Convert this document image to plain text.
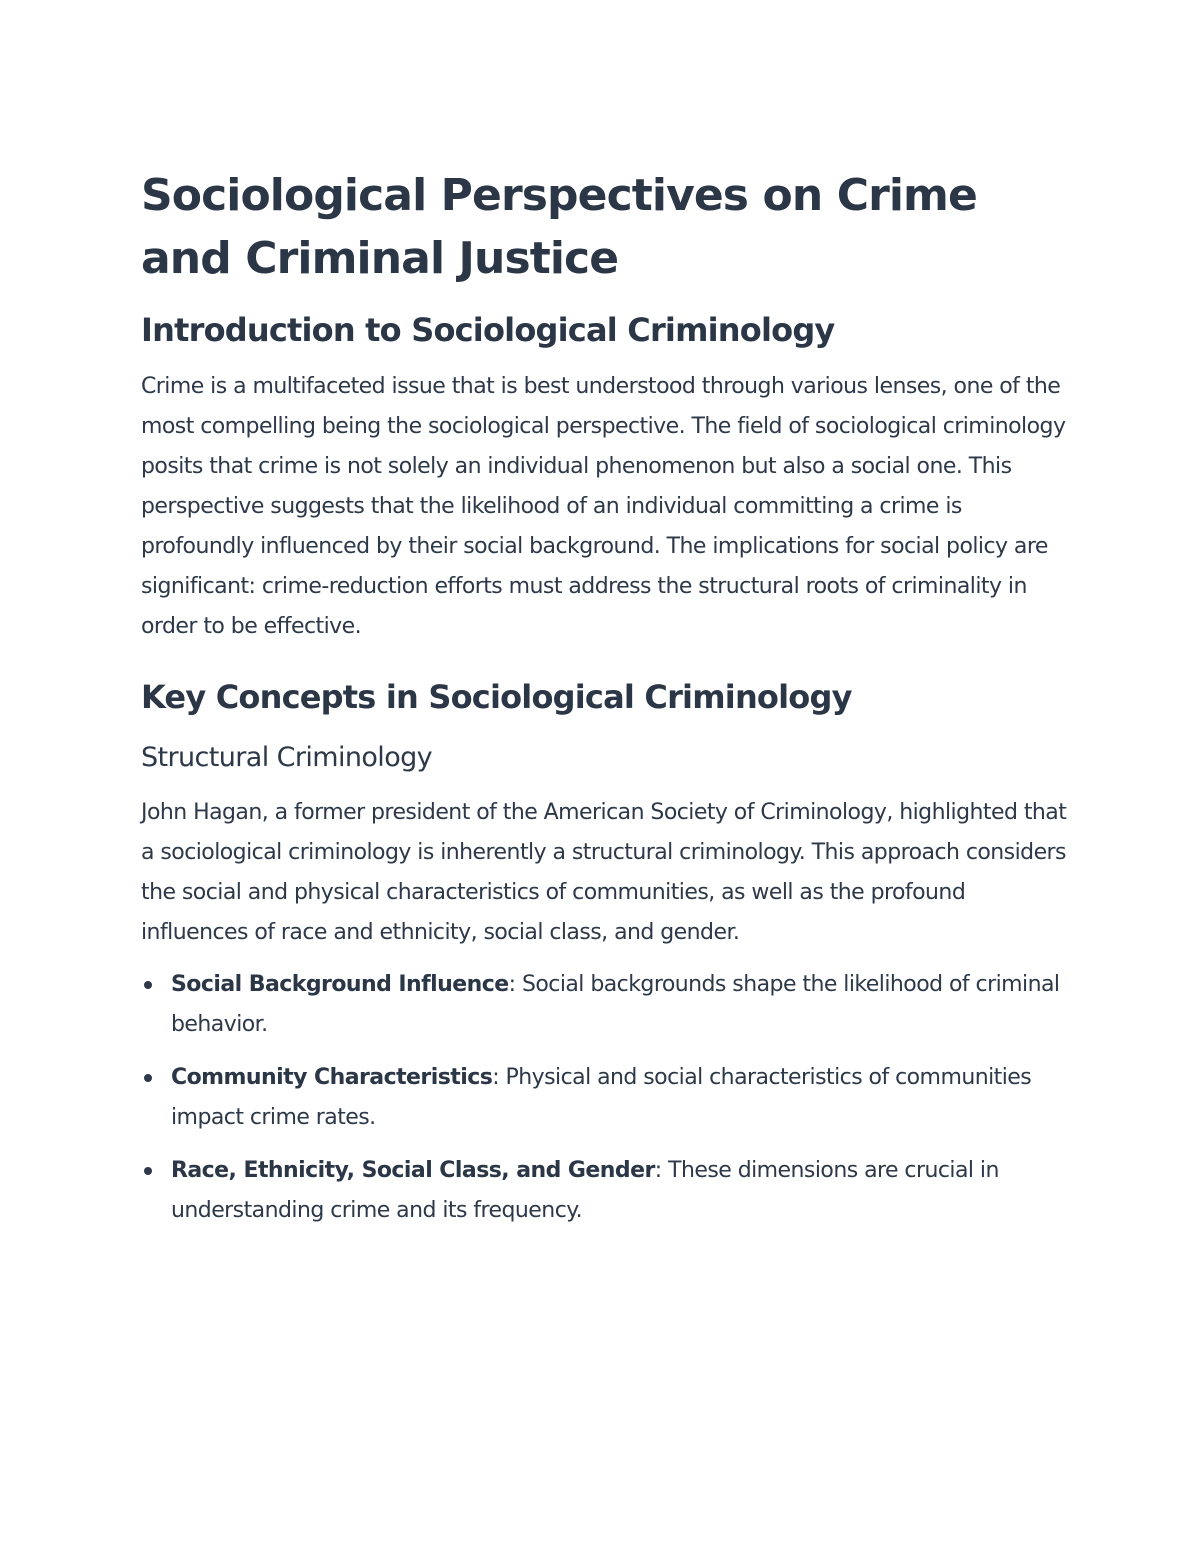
Sociological Perspectives on Crime and Criminal Justice
Introduction to Sociological Criminology

Crime is a multifaceted issue that is best understood through various lenses, one of the most compelling being the sociological perspective. The field of sociological criminology posits that crime is not solely an individual phenomenon but also a social one. This perspective suggests that the likelihood of an individual committing a crime is profoundly influenced by their social background. The implications for social policy are significant: crime-reduction efforts must address the structural roots of criminality in order to be effective.

Key Concepts in Sociological Criminology
Structural Criminology

John Hagan, a former president of the American Society of Criminology, highlighted that a sociological criminology is inherently a structural criminology. This approach considers the social and physical characteristics of communities, as well as the profound influences of race and ethnicity, social class, and gender.

Social Background Influence: Social backgrounds shape the likelihood of criminal behavior.
Community Characteristics: Physical and social characteristics of communities impact crime rates.
Race, Ethnicity, Social Class, and Gender: These dimensions are crucial in understanding crime and its frequency.
